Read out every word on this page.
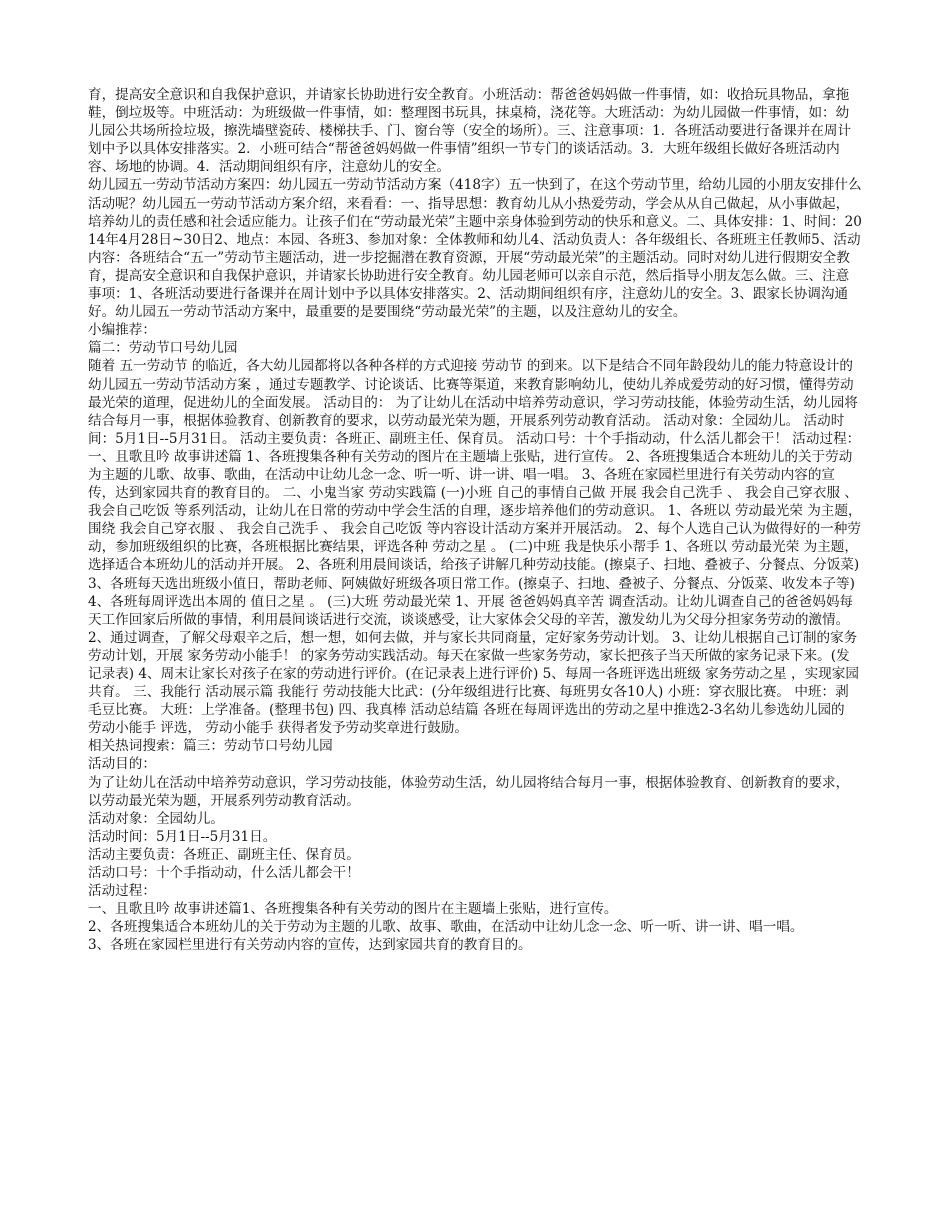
育，提高安全意识和自我保护意识，并请家长协助进行安全教育。小班活动：帮爸爸妈妈做一件事情，如：收拾玩具物品，拿拖鞋，倒垃圾等。中班活动：为班级做一件事情，如：整理图书玩具，抹桌椅，浇花等。大班活动：为幼儿园做一件事情，如：幼儿园公共场所捡垃圾，擦洗墙壁瓷砖、楼梯扶手、门、窗台等（安全的场所）。三、注意事项：1．各班活动要进行备课并在周计划中予以具体安排落实。2．小班可结合“帮爸爸妈妈做一件事情”组织一节专门的谈话活动。3．大班年级组长做好各班活动内容、场地的协调。4．活动期间组织有序，注意幼儿的安全。

幼儿园五一劳动节活动方案四：幼儿园五一劳动节活动方案（418字）五一快到了，在这个劳动节里，给幼儿园的小朋友安排什么活动呢？幼儿园五一劳动节活动方案介绍，来看看：一、指导思想：教育幼儿从小热爱劳动，学会从从自己做起，从小事做起，培养幼儿的责任感和社会适应能力。让孩子们在“劳动最光荣”主题中亲身体验到劳动的快乐和意义。二、具体安排：1、时间：2014年4月28日~30日2、地点：本园、各班3、参加对象：全体教师和幼儿4、活动负责人：各年级组长、各班班主任教师5、活动内容：各班结合“五一”劳动节主题活动，进一步挖掘潜在教育资源，开展“劳动最光荣”的主题活动。同时对幼儿进行假期安全教育，提高安全意识和自我保护意识，并请家长协助进行安全教育。幼儿园老师可以亲自示范，然后指导小朋友怎么做。三、注意事项：1、各班活动要进行备课并在周计划中予以具体安排落实。2、活动期间组织有序，注意幼儿的安全。3、跟家长协调沟通好。幼儿园五一劳动节活动方案中，最重要的是要围绕“劳动最光荣”的主题，以及注意幼儿的安全。

小编推荐：

篇二：劳动节口号幼儿园

随着 五一劳动节 的临近，各大幼儿园都将以各种各样的方式迎接 劳动节 的到来。以下是结合不同年龄段幼儿的能力特意设计的 幼儿园五一劳动节活动方案 ，通过专题教学、讨论谈话、比赛等渠道，来教育影响幼儿，使幼儿养成爱劳动的好习惯，懂得劳动最光荣的道理，促进幼儿的全面发展。 活动目的： 为了让幼儿在活动中培养劳动意识，学习劳动技能，体验劳动生活，幼儿园将结合每月一事，根据体验教育、创新教育的要求，以劳动最光荣为题，开展系列劳动教育活动。 活动对象：全园幼儿。 活动时间：5月1日--5月31日。 活动主要负责：各班正、副班主任、保育员。 活动口号：十个手指动动，什么活儿都会干！ 活动过程： 一、且歌且吟 故事讲述篇 1、各班搜集各种有关劳动的图片在主题墙上张贴，进行宣传。 2、各班搜集适合本班幼儿的关于劳动为主题的儿歌、故事、歌曲，在活动中让幼儿念一念、听一听、讲一讲、唱一唱。 3、各班在家园栏里进行有关劳动内容的宣传，达到家园共育的教育目的。 二、小鬼当家 劳动实践篇 (一)小班 自己的事情自己做 开展 我会自己洗手 、 我会自己穿衣服 、 我会自己吃饭 等系列活动，让幼儿在日常的劳动中学会生活的自理，逐步培养他们的劳动意识。 1、各班以 劳动最光荣 为主题，围绕 我会自己穿衣服 、 我会自己洗手 、 我会自己吃饭 等内容设计活动方案并开展活动。 2、每个人选自己认为做得好的一种劳动，参加班级组织的比赛，各班根据比赛结果，评选各种 劳动之星 。 (二)中班 我是快乐小帮手 1、各班以 劳动最光荣 为主题，选择适合本班幼儿的活动并开展。 2、各班利用晨间谈话，给孩子讲解几种劳动技能。(擦桌子、扫地、叠被子、分餐点、分饭菜) 3、各班每天选出班级小值日，帮助老师、阿姨做好班级各项日常工作。(擦桌子、扫地、叠被子、分餐点、分饭菜、收发本子等) 4、各班每周评选出本周的 值日之星 。 (三)大班 劳动最光荣 1、开展 爸爸妈妈真辛苦 调查活动。让幼儿调查自己的爸爸妈妈每天工作回家后所做的事情，利用晨间谈话进行交流，谈谈感受，让大家体会父母的辛苦，激发幼儿为父母分担家务劳动的激情。 2、通过调查，了解父母艰辛之后，想一想，如何去做，并与家长共同商量，定好家务劳动计划。 3、让幼儿根据自己订制的家务劳动计划，开展 家务劳动小能手！ 的家务劳动实践活动。每天在家做一些家务劳动，家长把孩子当天所做的家务记录下来。(发记录表) 4、周末让家长对孩子在家的劳动进行评价。(在记录表上进行评价) 5、每周一各班评选出班级 家务劳动之星 ，实现家园共育。 三、我能行 活动展示篇 我能行 劳动技能大比武：(分年级组进行比赛、每班男女各10人) 小班：穿衣服比赛。 中班：剥毛豆比赛。 大班：上学准备。(整理书包) 四、我真棒 活动总结篇 各班在每周评选出的劳动之星中推选2-3名幼儿参选幼儿园的 劳动小能手 评选， 劳动小能手 获得者发予劳动奖章进行鼓励。

相关热词搜索：篇三：劳动节口号幼儿园

活动目的：

为了让幼儿在活动中培养劳动意识，学习劳动技能，体验劳动生活，幼儿园将结合每月一事，根据体验教育、创新教育的要求，以劳动最光荣为题，开展系列劳动教育活动。

活动对象：全园幼儿。

活动时间：5月1日--5月31日。

活动主要负责：各班正、副班主任、保育员。

活动口号：十个手指动动，什么活儿都会干！

活动过程：

一、且歌且吟 故事讲述篇1、各班搜集各种有关劳动的图片在主题墙上张贴，进行宣传。

2、各班搜集适合本班幼儿的关于劳动为主题的儿歌、故事、歌曲，在活动中让幼儿念一念、听一听、讲一讲、唱一唱。

3、各班在家园栏里进行有关劳动内容的宣传，达到家园共育的教育目的。
